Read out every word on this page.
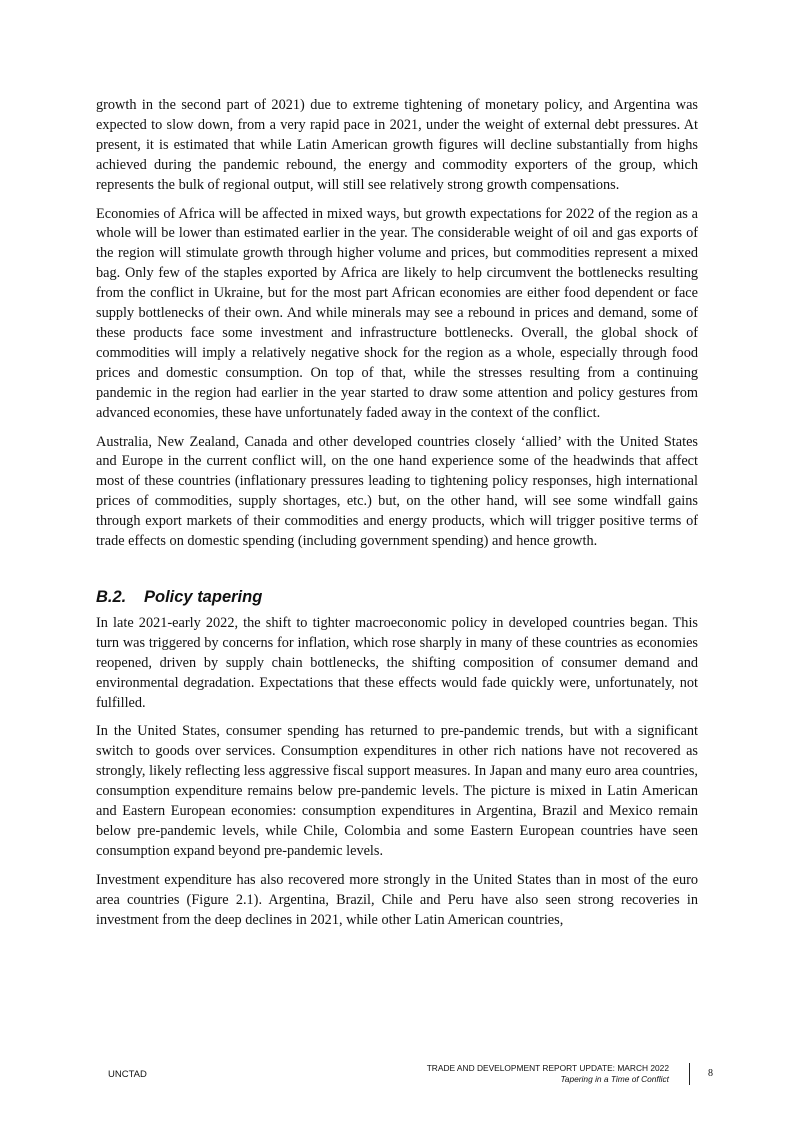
growth in the second part of 2021) due to extreme tightening of monetary policy, and Argentina was expected to slow down, from a very rapid pace in 2021, under the weight of external debt pressures. At present, it is estimated that while Latin American growth figures will decline substantially from highs achieved during the pandemic rebound, the energy and commodity exporters of the group, which represents the bulk of regional output, will still see relatively strong growth compensations.

Economies of Africa will be affected in mixed ways, but growth expectations for 2022 of the region as a whole will be lower than estimated earlier in the year. The considerable weight of oil and gas exports of the region will stimulate growth through higher volume and prices, but commodities represent a mixed bag. Only few of the staples exported by Africa are likely to help circumvent the bottlenecks resulting from the conflict in Ukraine, but for the most part African economies are either food dependent or face supply bottlenecks of their own. And while minerals may see a rebound in prices and demand, some of these products face some investment and infrastructure bottlenecks. Overall, the global shock of commodities will imply a relatively negative shock for the region as a whole, especially through food prices and domestic consumption. On top of that, while the stresses resulting from a continuing pandemic in the region had earlier in the year started to draw some attention and policy gestures from advanced economies, these have unfortunately faded away in the context of the conflict.

Australia, New Zealand, Canada and other developed countries closely ‘allied’ with the United States and Europe in the current conflict will, on the one hand experience some of the headwinds that affect most of these countries (inflationary pressures leading to tightening policy responses, high international prices of commodities, supply shortages, etc.) but, on the other hand, will see some windfall gains through export markets of their commodities and energy products, which will trigger positive terms of trade effects on domestic spending (including government spending) and hence growth.

B.2. Policy tapering

In late 2021-early 2022, the shift to tighter macroeconomic policy in developed countries began. This turn was triggered by concerns for inflation, which rose sharply in many of these countries as economies reopened, driven by supply chain bottlenecks, the shifting composition of consumer demand and environmental degradation. Expectations that these effects would fade quickly were, unfortunately, not fulfilled.

In the United States, consumer spending has returned to pre-pandemic trends, but with a significant switch to goods over services. Consumption expenditures in other rich nations have not recovered as strongly, likely reflecting less aggressive fiscal support measures. In Japan and many euro area countries, consumption expenditure remains below pre-pandemic levels. The picture is mixed in Latin American and Eastern European economies: consumption expenditures in Argentina, Brazil and Mexico remain below pre-pandemic levels, while Chile, Colombia and some Eastern European countries have seen consumption expand beyond pre-pandemic levels.

Investment expenditure has also recovered more strongly in the United States than in most of the euro area countries (Figure 2.1). Argentina, Brazil, Chile and Peru have also seen strong recoveries in investment from the deep declines in 2021, while other Latin American countries,

UNCTAD
TRADE AND DEVELOPMENT REPORT UPDATE: MARCH 2022
Tapering in a Time of Conflict	8
